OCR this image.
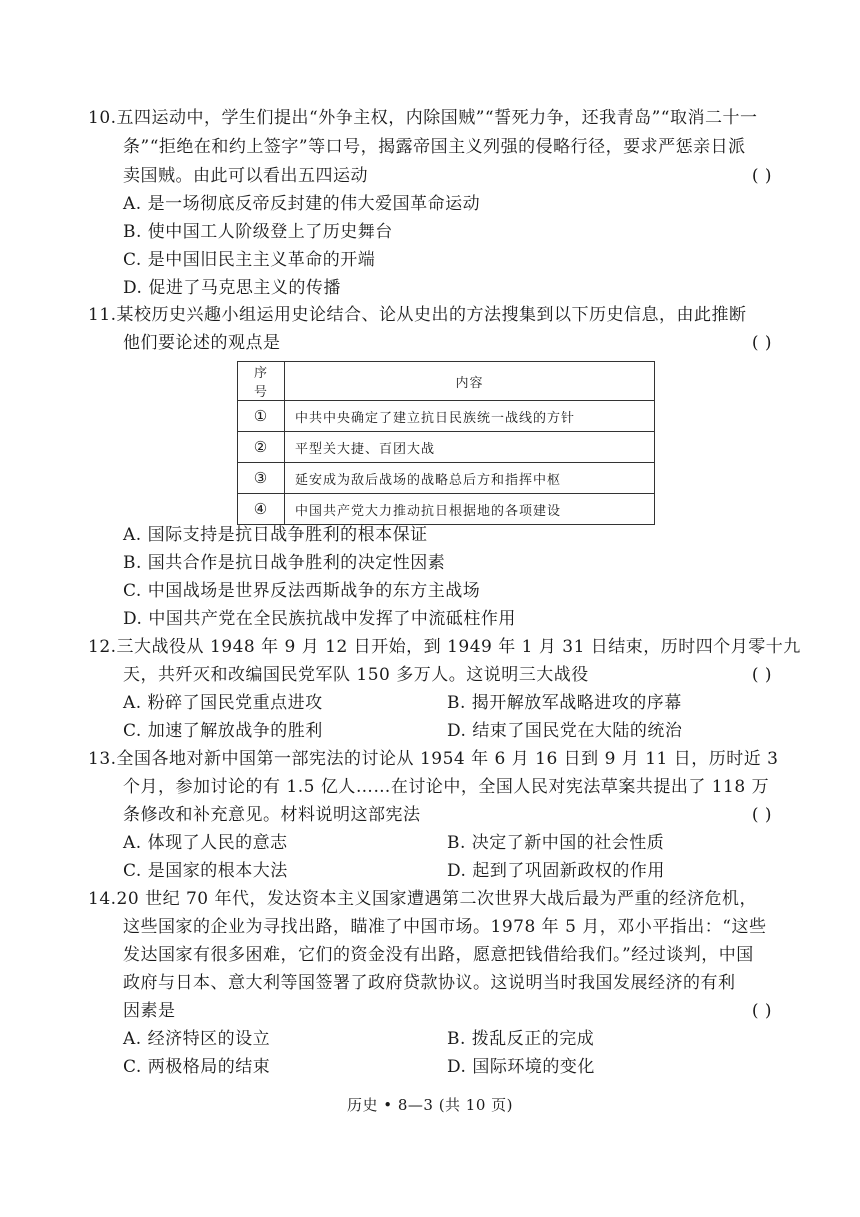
10.五四运动中，学生们提出“外争主权，内除国贼”“誓死力争，还我青岛”“取消二十一
条”“拒绝在和约上签字”等口号，揭露帝国主义列强的侵略行径，要求严惩亲日派
卖国贼。由此可以看出五四运动	( )
A. 是一场彻底反帝反封建的伟大爱国革命运动
B. 使中国工人阶级登上了历史舞台
C. 是中国旧民主主义革命的开端
D. 促进了马克思主义的传播
11.某校历史兴趣小组运用史论结合、论从史出的方法搜集到以下历史信息，由此推断
他们要论述的观点是	( )
序号	内容
①	中共中央确定了建立抗日民族统一战线的方针
②	平型关大捷、百团大战
③	延安成为敌后战场的战略总后方和指挥中枢
④	中国共产党大力推动抗日根据地的各项建设
A. 国际支持是抗日战争胜利的根本保证
B. 国共合作是抗日战争胜利的决定性因素
C. 中国战场是世界反法西斯战争的东方主战场
D. 中国共产党在全民族抗战中发挥了中流砥柱作用
12.三大战役从 1948 年 9 月 12 日开始，到 1949 年 1 月 31 日结束，历时四个月零十九
天，共歼灭和改编国民党军队 150 多万人。这说明三大战役	( )
A. 粉碎了国民党重点进攻	B. 揭开解放军战略进攻的序幕
C. 加速了解放战争的胜利	D. 结束了国民党在大陆的统治
13.全国各地对新中国第一部宪法的讨论从 1954 年 6 月 16 日到 9 月 11 日，历时近 3
个月，参加讨论的有 1.5 亿人……在讨论中，全国人民对宪法草案共提出了 118 万
条修改和补充意见。材料说明这部宪法	( )
A. 体现了人民的意志	B. 决定了新中国的社会性质
C. 是国家的根本大法	D. 起到了巩固新政权的作用
14.20 世纪 70 年代，发达资本主义国家遭遇第二次世界大战后最为严重的经济危机，
这些国家的企业为寻找出路，瞄准了中国市场。1978 年 5 月，邓小平指出：“这些
发达国家有很多困难，它们的资金没有出路，愿意把钱借给我们。”经过谈判，中国
政府与日本、意大利等国签署了政府贷款协议。这说明当时我国发展经济的有利
因素是	( )
A. 经济特区的设立	B. 拨乱反正的完成
C. 两极格局的结束	D. 国际环境的变化
历史 • 8—3 (共 10 页)
